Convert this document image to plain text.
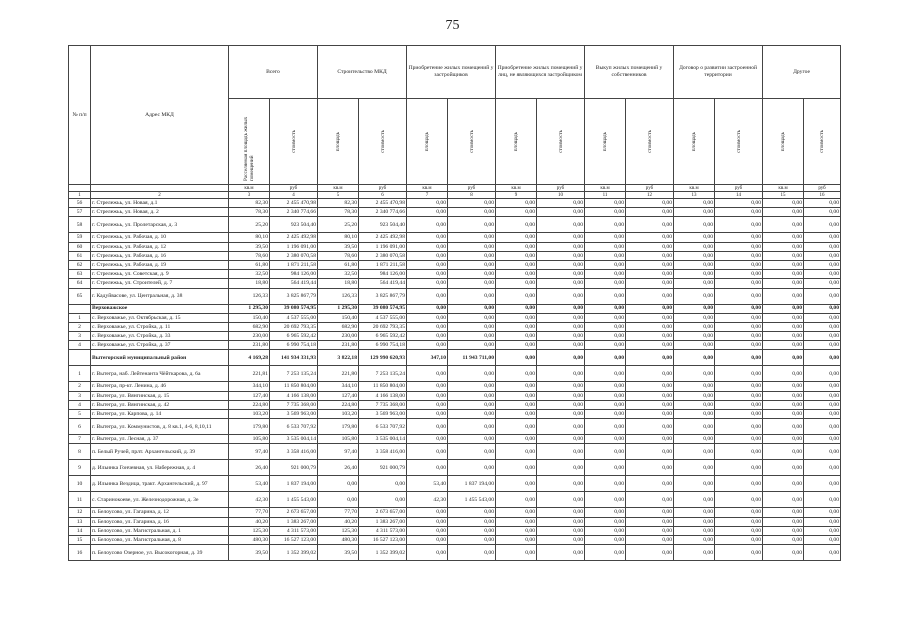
75
№ п/п	Адрес МКД	Всего		Строительство МКД		Приобретение жилых помещений у застройщиков		Приобретение жилых помещений у лиц, не являющихся застройщиком		Выкуп жилых помещений у собственников		Договор о развитии застроенной территории		Другое	

		Расселяемая площадь жилых помещений	стоимость	площадь	стоимость	площадь	стоимость	площадь	стоимость	площадь	стоимость	площадь	стоимость	площадь	стоимость

		кв.м	руб	кв.м	руб	кв.м	руб	кв.м	руб	кв.м	руб	кв.м	руб	кв.м	руб
1	2	3	4	5	6	7	8	9	10	11	12	13	14	15	16
56	г. Стрележьь, ул. Новая, д.1	82,30	2 455 470,98	82,30	2 455 470,98	0,00	0,00	0,00	0,00	0,00	0,00	0,00	0,00	0,00	0,00
57	г. Стрележьь, ул. Новая, д. 2	78,30	2 340 774,66	78,30	2 340 774,66	0,00	0,00	0,00	0,00	0,00	0,00	0,00	0,00	0,00	0,00
58	г. Стрележьь, ул. Пролетарская, д. 3	25,20	923 504,40	25,20	923 504,40	0,00	0,00	0,00	0,00	0,00	0,00	0,00	0,00	0,00	0,00
59	г. Стрележьь, ул. Рабочая, д. 10	80,10	2 425 492,98	80,10	2 425 492,98	0,00	0,00	0,00	0,00	0,00	0,00	0,00	0,00	0,00	0,00
60	г. Стрележьь, ул. Рабочая, д. 12	39,50	1 196 091,00	39,50	1 196 091,00	0,00	0,00	0,00	0,00	0,00	0,00	0,00	0,00	0,00	0,00
61	г. Стрележьь, ул. Рабочая, д. 16	78,60	2 380 070,58	78,60	2 380 070,58	0,00	0,00	0,00	0,00	0,00	0,00	0,00	0,00	0,00	0,00
62	г. Стрележьь, ул. Рабочая, д. 19	61,80	1 871 211,58	61,80	1 871 211,58	0,00	0,00	0,00	0,00	0,00	0,00	0,00	0,00	0,00	0,00
63	г. Стрележьь, ул. Советская, д. 9	32,50	984 126,00	32,50	984 126,00	0,00	0,00	0,00	0,00	0,00	0,00	0,00	0,00	0,00	0,00
64	г. Стрележьь, ул. Строителей, д. 7	18,80	564 419,44	18,80	564 419,44	0,00	0,00	0,00	0,00	0,00	0,00	0,00	0,00	0,00	0,00
65	г. Кадуйвасове, ул. Центральная, д. 38	126,33	3 825 867,79	126,33	3 825 867,79	0,00	0,00	0,00	0,00	0,00	0,00	0,00	0,00	0,00	0,00
	Верховажское	1 295,30	39 080 574,95	1 295,30	39 080 574,95	0,00	0,00	0,00	0,00	0,00	0,00	0,00	0,00	0,00	0,00
1	с. Верховажье, ул. Октябрьская, д. 15	150,40	4 537 555,00	150,40	4 537 555,00	0,00	0,00	0,00	0,00	0,00	0,00	0,00	0,00	0,00	0,00
2	с. Верховажье, ул. Стройка, д. 11	682,90	20 692 793,35	682,90	20 692 793,35	0,00	0,00	0,00	0,00	0,00	0,00	0,00	0,00	0,00	0,00
3	с. Верховажье, ул. Стройка, д. 33	230,00	6 965 592,42	230,00	6 965 592,42	0,00	0,00	0,00	0,00	0,00	0,00	0,00	0,00	0,00	0,00
4	с. Верховажье, ул. Стройка, д. 37	231,80	6 990 754,18	231,80	6 990 754,18	0,00	0,00	0,00	0,00	0,00	0,00	0,00	0,00	0,00	0,00
	Вытегорский муниципальный район	4 169,28	141 934 331,93	3 822,18	129 990 620,93	347,10	11 943 711,00	0,00	0,00	0,00	0,00	0,00	0,00	0,00	0,00
1	г. Вытегра, наб. Лейтенанта Чёйткарова, д. 6а	221,81	7 253 135,24	221,80	7 253 135,24	0,00	0,00	0,00	0,00	0,00	0,00	0,00	0,00	0,00	0,00
2	г. Вытегра, пр-кт. Ленина, д. 46	344,10	11 850 804,00	344,10	11 850 804,00	0,00	0,00	0,00	0,00	0,00	0,00	0,00	0,00	0,00	0,00
3	г. Вытегра, ул. Вянгинская, д. 15	127,40	4 166 138,00	127,40	4 166 138,00	0,00	0,00	0,00	0,00	0,00	0,00	0,00	0,00	0,00	0,00
4	г. Вытегра, ул. Вянгинская, д. 42	224,80	7 735 368,00	224,80	7 735 368,00	0,00	0,00	0,00	0,00	0,00	0,00	0,00	0,00	0,00	0,00
5	г. Вытегра, ул. Карпова, д. 14	103,20	3 569 963,00	103,20	3 569 963,00	0,00	0,00	0,00	0,00	0,00	0,00	0,00	0,00	0,00	0,00
6	г. Вытегра, ул. Коммунистов, д. 8 кв.1, 4-6, 8,10,11	179,80	6 533 707,92	179,80	6 533 707,92	0,00	0,00	0,00	0,00	0,00	0,00	0,00	0,00	0,00	0,00
7	г. Вытегра, ул. Лесная, д. 37	105,80	3 535 004,14	105,80	3 535 004,14	0,00	0,00	0,00	0,00	0,00	0,00	0,00	0,00	0,00	0,00
8	п. Белый Ручей, прлт. Архангельский, д. 39	97,40	3 358 416,00	97,40	3 358 416,00	0,00	0,00	0,00	0,00	0,00	0,00	0,00	0,00	0,00	0,00
9	д. Ильинка Гончевная, ул. Набережная, д. 4	26,40	921 000,79	26,40	921 000,79	0,00	0,00	0,00	0,00	0,00	0,00	0,00	0,00	0,00	0,00
10	д. Ильинка Вездица, тракт. Архангельский, д. 97	53,40	1 837 194,00	0,00	0,00	53,40	1 837 194,00	0,00	0,00	0,00	0,00	0,00	0,00	0,00	0,00
11	с. Старинокоеве, ул. Железнодорожная, д. 3е	42,30	1 455 543,00	0,00	0,00	42,30	1 455 543,00	0,00	0,00	0,00	0,00	0,00	0,00	0,00	0,00
12	п. Белоусово, ул. Гагарина, д. 12	77,70	2 673 657,00	77,70	2 673 657,00	0,00	0,00	0,00	0,00	0,00	0,00	0,00	0,00	0,00	0,00
13	п. Белоусово, ул. Гагарина, д. 16	40,20	1 383 267,00	40,20	1 383 267,00	0,00	0,00	0,00	0,00	0,00	0,00	0,00	0,00	0,00	0,00
14	п. Белоусово, ул. Магистральная, д. 1	125,30	4 311 573,00	125,30	4 311 573,00	0,00	0,00	0,00	0,00	0,00	0,00	0,00	0,00	0,00	0,00
15	п. Белоусово, ул. Магистральная, д. 8	480,30	16 527 123,00	480,30	16 527 123,00	0,00	0,00	0,00	0,00	0,00	0,00	0,00	0,00	0,00	0,00
16	п. Белоусово Озерное, ул. Высокогорная, д. 39	39,50	1 352 399,02	39,50	1 352 399,02	0,00	0,00	0,00	0,00	0,00	0,00	0,00	0,00	0,00	0,00
